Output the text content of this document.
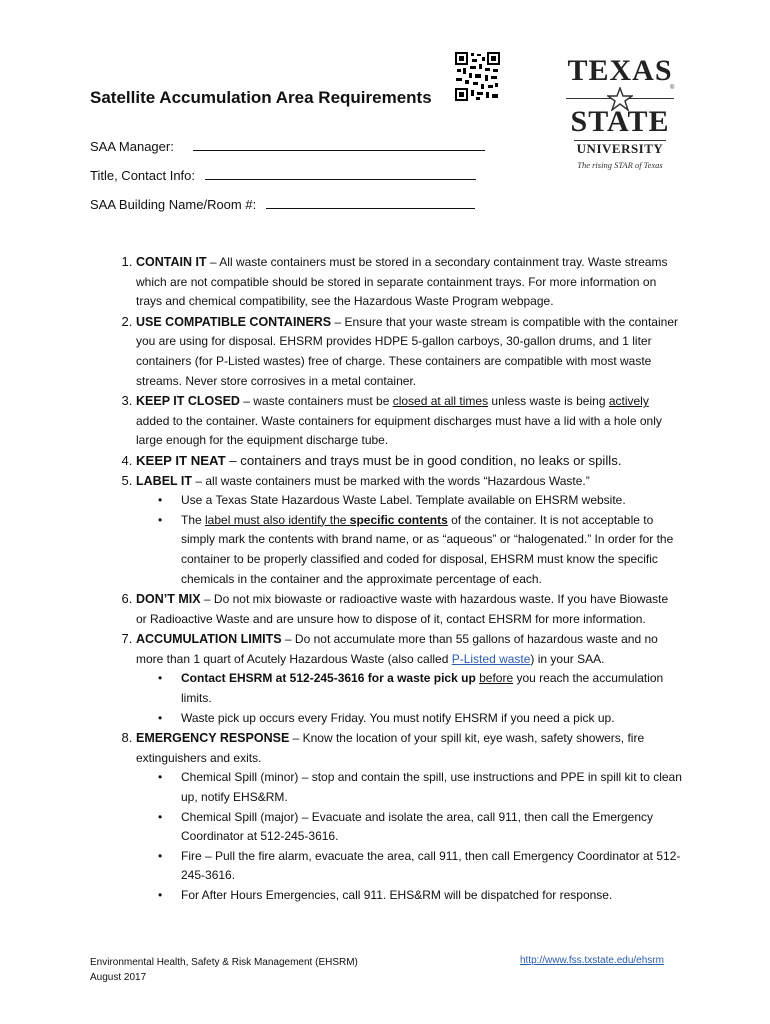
Satellite Accumulation Area Requirements
TEXAS
STATE
®
UNIVERSITY
The rising STAR of Texas
SAA Manager:
Title, Contact Info:
SAA Building Name/Room #:
1. CONTAIN IT – All waste containers must be stored in a secondary containment tray. Waste streams which are not compatible should be stored in separate containment trays. For more information on trays and chemical compatibility, see the Hazardous Waste Program webpage.
2. USE COMPATIBLE CONTAINERS – Ensure that your waste stream is compatible with the container you are using for disposal. EHSRM provides HDPE 5-gallon carboys, 30-gallon drums, and 1 liter containers (for P-Listed wastes) free of charge. These containers are compatible with most waste streams. Never store corrosives in a metal container.
3. KEEP IT CLOSED – waste containers must be closed at all times unless waste is being actively added to the container. Waste containers for equipment discharges must have a lid with a hole only large enough for the equipment discharge tube.
4. KEEP IT NEAT – containers and trays must be in good condition, no leaks or spills.
5. LABEL IT – all waste containers must be marked with the words “Hazardous Waste.”
• Use a Texas State Hazardous Waste Label. Template available on EHSRM website.
• The label must also identify the specific contents of the container. It is not acceptable to simply mark the contents with brand name, or as “aqueous” or “halogenated.” In order for the container to be properly classified and coded for disposal, EHSRM must know the specific chemicals in the container and the approximate percentage of each.
6. DON’T MIX – Do not mix biowaste or radioactive waste with hazardous waste. If you have Biowaste or Radioactive Waste and are unsure how to dispose of it, contact EHSRM for more information.
7. ACCUMULATION LIMITS – Do not accumulate more than 55 gallons of hazardous waste and no more than 1 quart of Acutely Hazardous Waste (also called P-Listed waste) in your SAA.
• Contact EHSRM at 512-245-3616 for a waste pick up before you reach the accumulation limits.
• Waste pick up occurs every Friday. You must notify EHSRM if you need a pick up.
8. EMERGENCY RESPONSE – Know the location of your spill kit, eye wash, safety showers, fire extinguishers and exits.
• Chemical Spill (minor) – stop and contain the spill, use instructions and PPE in spill kit to clean up, notify EHS&RM.
• Chemical Spill (major) – Evacuate and isolate the area, call 911, then call the Emergency Coordinator at 512-245-3616.
• Fire – Pull the fire alarm, evacuate the area, call 911, then call Emergency Coordinator at 512-245-3616.
• For After Hours Emergencies, call 911. EHS&RM will be dispatched for response.
Environmental Health, Safety & Risk Management (EHSRM)
August 2017
http://www.fss.txstate.edu/ehsrm
